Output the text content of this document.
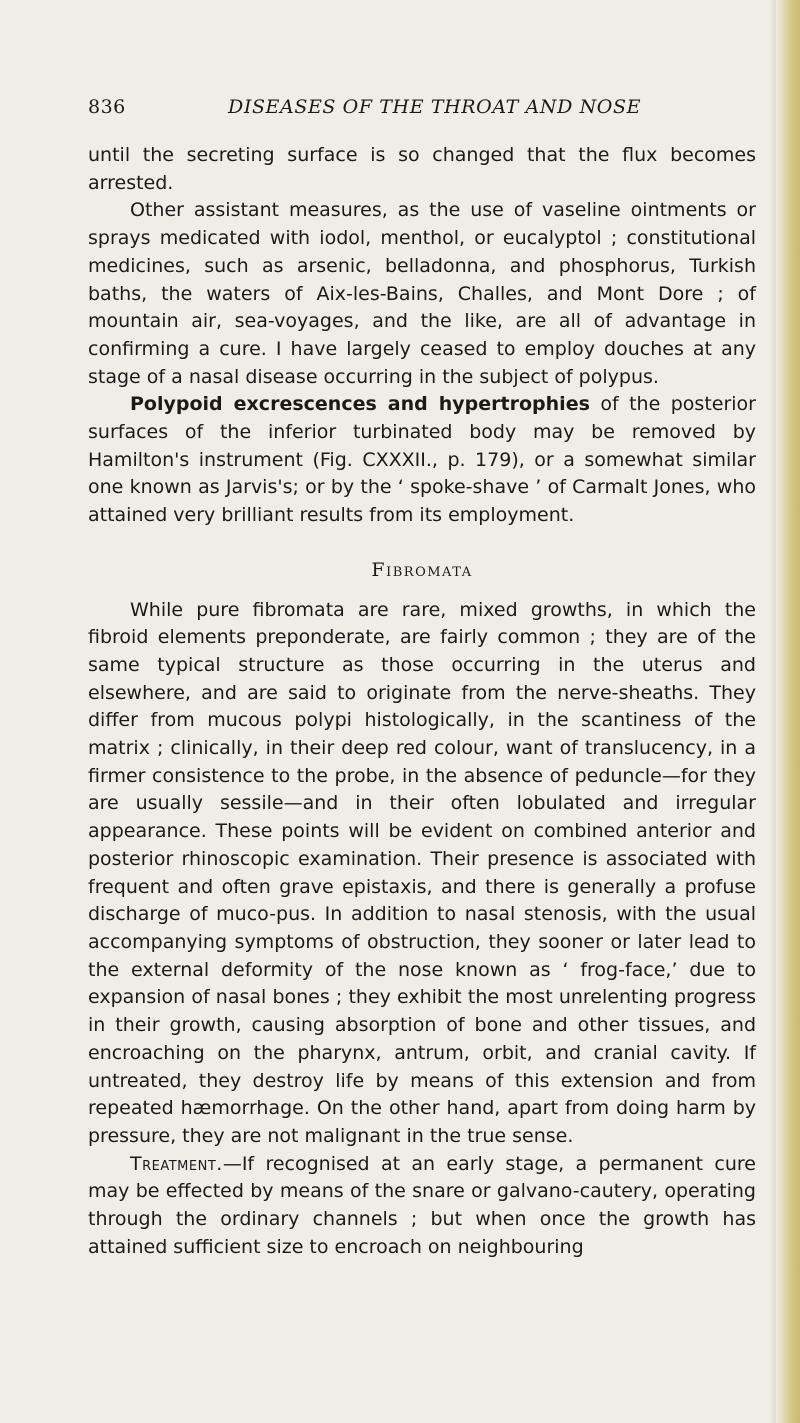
836	DISEASES OF THE THROAT AND NOSE

until the secreting surface is so changed that the flux becomes arrested.

Other assistant measures, as the use of vaseline ointments or sprays medicated with iodol, menthol, or eucalyptol ; constitutional medicines, such as arsenic, belladonna, and phosphorus, Turkish baths, the waters of Aix-les-Bains, Challes, and Mont Dore ; of mountain air, sea-voyages, and the like, are all of advantage in confirming a cure. I have largely ceased to employ douches at any stage of a nasal disease occurring in the subject of polypus.

Polypoid excrescences and hypertrophies of the posterior surfaces of the inferior turbinated body may be removed by Hamilton's instrument (Fig. CXXXII., p. 179), or a somewhat similar one known as Jarvis's; or by the ‘ spoke-shave ’ of Carmalt Jones, who attained very brilliant results from its employment.

Fibromata

While pure fibromata are rare, mixed growths, in which the fibroid elements preponderate, are fairly common ; they are of the same typical structure as those occurring in the uterus and elsewhere, and are said to originate from the nerve-sheaths. They differ from mucous polypi histologically, in the scantiness of the matrix ; clinically, in their deep red colour, want of translucency, in a firmer consistence to the probe, in the absence of peduncle—for they are usually sessile—and in their often lobulated and irregular appearance. These points will be evident on combined anterior and posterior rhinoscopic examination. Their presence is associated with frequent and often grave epistaxis, and there is generally a profuse discharge of muco-pus. In addition to nasal stenosis, with the usual accompanying symptoms of obstruction, they sooner or later lead to the external deformity of the nose known as ‘ frog-face,’ due to expansion of nasal bones ; they exhibit the most unrelenting progress in their growth, causing absorption of bone and other tissues, and encroaching on the pharynx, antrum, orbit, and cranial cavity. If untreated, they destroy life by means of this extension and from repeated hæmorrhage. On the other hand, apart from doing harm by pressure, they are not malignant in the true sense.

Treatment.—If recognised at an early stage, a permanent cure may be effected by means of the snare or galvano-cautery, operating through the ordinary channels ; but when once the growth has attained sufficient size to encroach on neighbouring
